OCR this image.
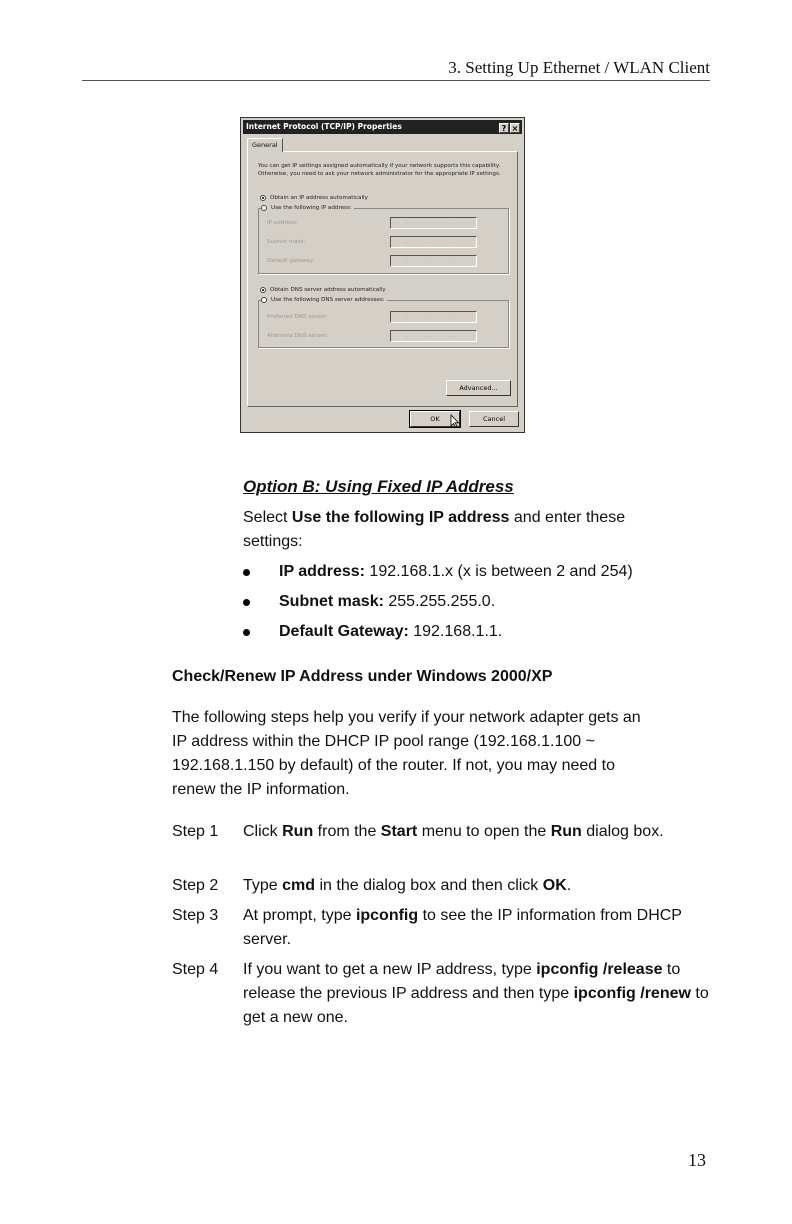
3. Setting Up Ethernet / WLAN Client
Internet Protocol (TCP/IP) Properties	? ×
General
You can get IP settings assigned automatically if your network supports this capability. Otherwise, you need to ask your network administrator for the appropriate IP settings.
Obtain an IP address automatically
Use the following IP address:
IP address:	. . .
Subnet mask:	. . .
Default gateway:	. . .
Obtain DNS server address automatically
Use the following DNS server addresses:
Preferred DNS server:	. . .
Alternate DNS server:	. . .
Advanced...
OK	Cancel
Option B: Using Fixed IP Address
Select Use the following IP address and enter these
settings:
IP address: 192.168.1.x (x is between 2 and 254)
Subnet mask: 255.255.255.0.
Default Gateway: 192.168.1.1.
Check/Renew IP Address under Windows 2000/XP
The following steps help you verify if your network adapter gets an
IP address within the DHCP IP pool range (192.168.1.100 ~
192.168.1.150 by default) of the router. If not, you may need to
renew the IP information.
Step 1 Click Run from the Start menu to open the Run dialog box.
Step 2 Type cmd in the dialog box and then click OK.
Step 3 At prompt, type ipconfig to see the IP information from DHCP server.
Step 4 If you want to get a new IP address, type ipconfig /release to release the previous IP address and then type ipconfig /renew to get a new one.
13
